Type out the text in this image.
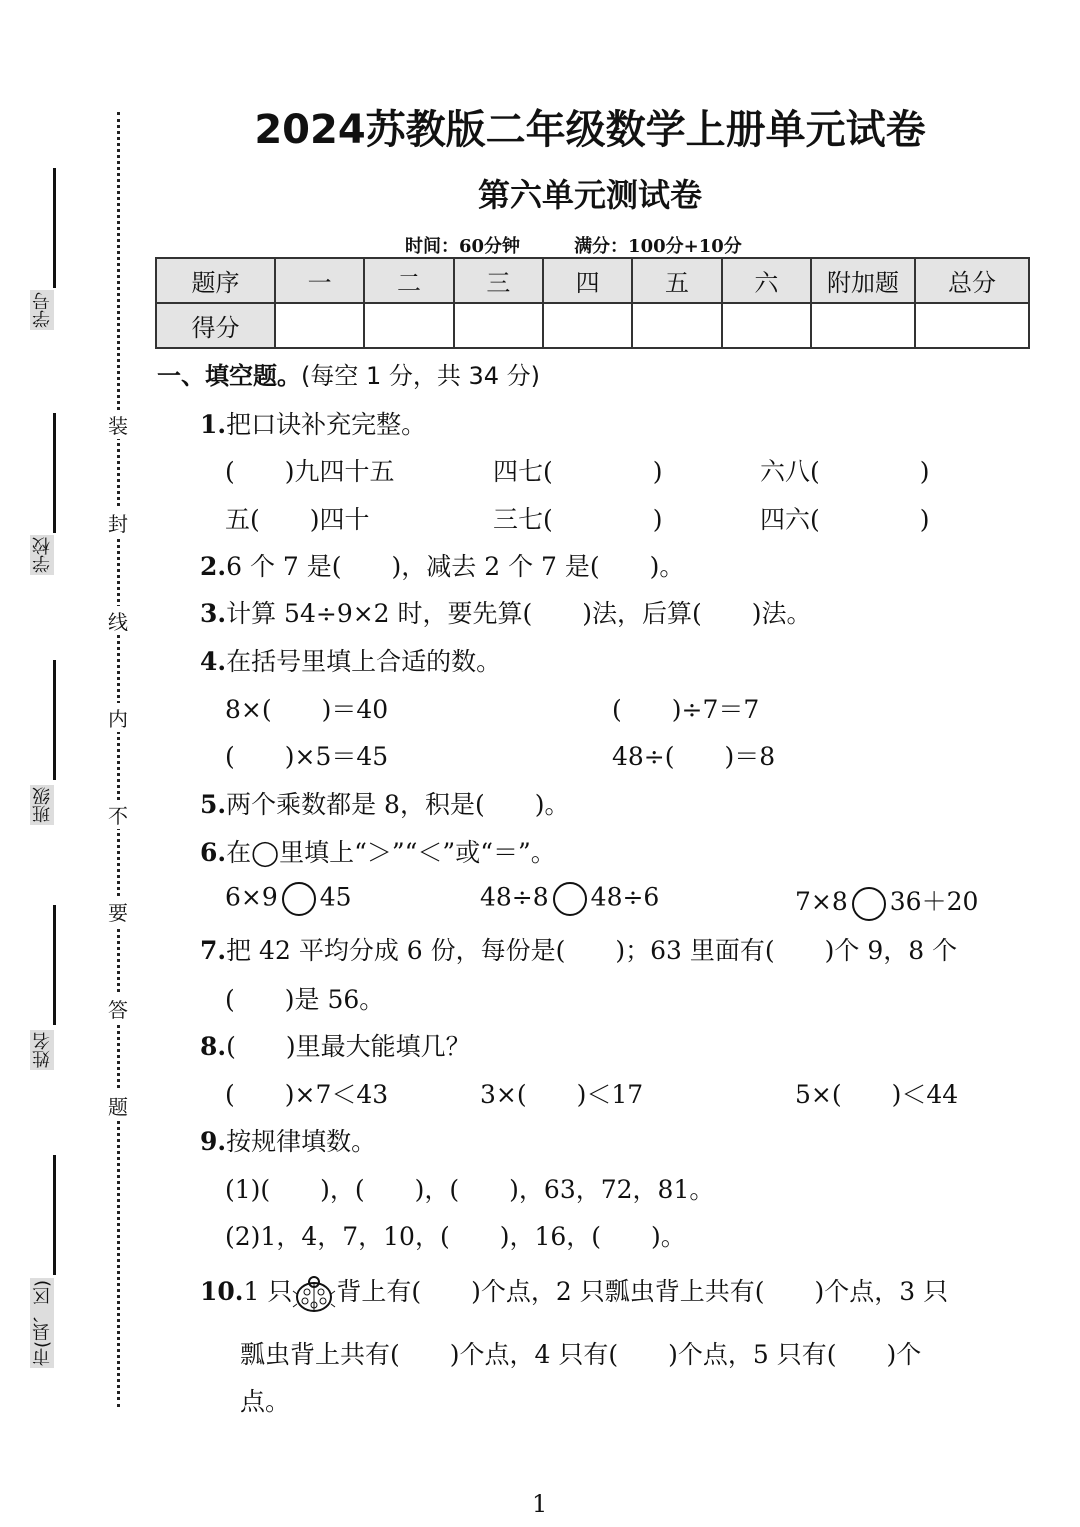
装
封
线
内
不
要
答
题
学号
学校
班级
姓名
市(县、区)
2024苏教版二年级数学上册单元试卷
第六单元测试卷
时间：60分钟　　　	满分：100分+10分
题序	一	二	三	四	五	六	附加题	总分
得分								
一、填空题。(每空 1 分，共 34 分)
1.把口诀补充完整。
(　　)九四十五	四七(　　　　)	六八(　　　　)
五(　　)四十	三七(　　　　)	四六(　　　　)
2.6 个 7 是(　　)，减去 2 个 7 是(　　)。
3.计算 54÷9×2 时，要先算(　　)法，后算(　　)法。
4.在括号里填上合适的数。
8×(　　)＝40	(　　)÷7＝7
(　　)×5＝45	48÷(　　)＝8
5.两个乘数都是 8，积是(　　)。
6.在◯里填上“＞”“＜”或“＝”。
6×9 45	48÷8 48÷6	7×8 36＋20
7.把 42 平均分成 6 份，每份是(　　)；63 里面有(　　)个 9，8 个
(　　)是 56。
8.(　　)里最大能填几？
(　　)×7＜43	3×(　　)＜17	5×(　　)＜44
9.按规律填数。
(1)(　　)，(　　)，(　　)，63，72，81。
(2)1，4，7，10，(　　)，16，(　　)。
10.1 只 背上有(　　)个点，2 只瓢虫背上共有(　　)个点，3 只
瓢虫背上共有(　　)个点，4 只有(　　)个点，5 只有(　　)个
点。
1
